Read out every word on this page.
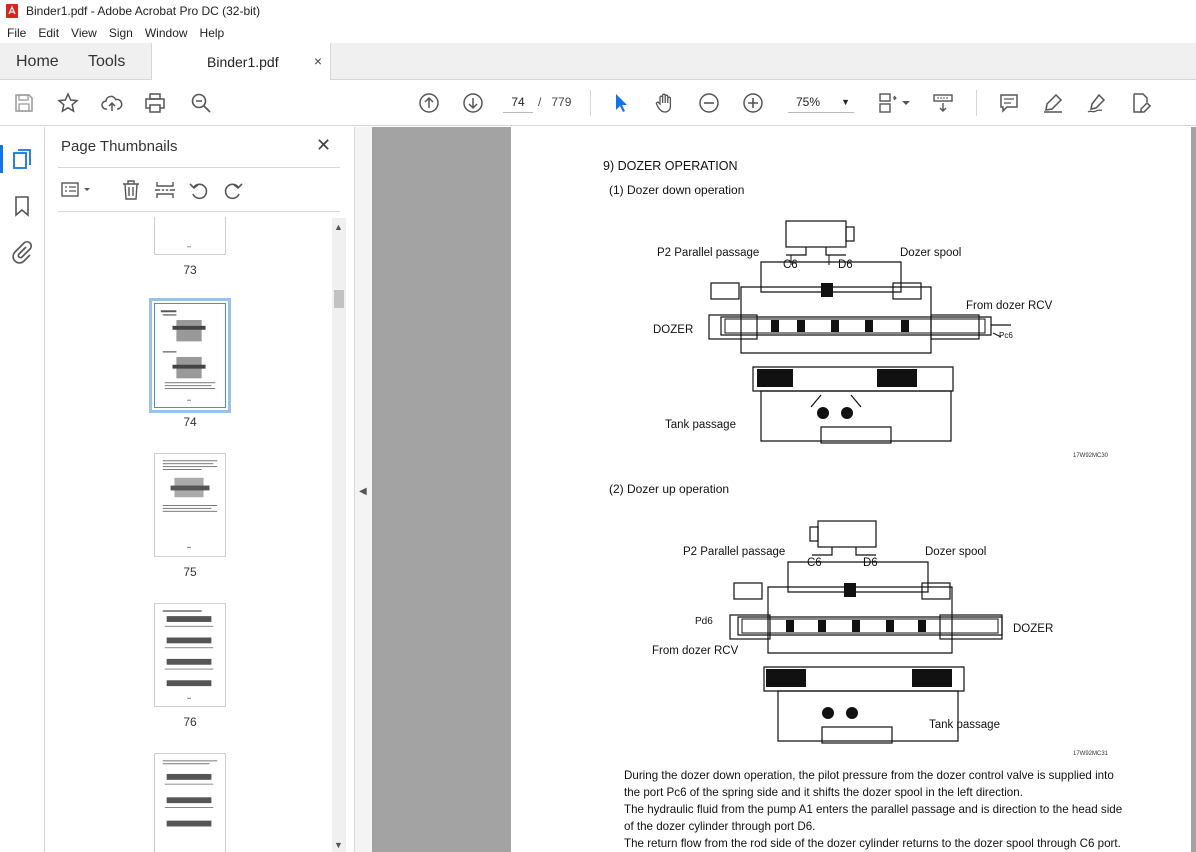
Binder1.pdf - Adobe Acrobat Pro DC (32-bit)
File	Edit	View	Sign	Window	Help
Home Tools	Binder1.pdf	×
74	/ 779	75% ▼
Page Thumbnails	✕
73
74
75
76
▲
▼
◀
9) DOZER OPERATION
(1) Dozer down operation
P2 Parallel passage
C6	D6
Dozer spool
From dozer RCV
DOZER	Pc6
Tank passage
17W92MC30
(2) Dozer up operation
P2 Parallel passage
C6	D6
Dozer spool
Pd6
From dozer RCV
DOZER
Tank passage
17W92MC31

During the dozer down operation, the pilot pressure from the dozer control valve is supplied into

the port Pc6 of the spring side and it shifts the dozer spool in the left direction.

The hydraulic fluid from the pump A1 enters the parallel passage and is direction to the head side

of the dozer cylinder through port D6.

The return flow from the rod side of the dozer cylinder returns to the dozer spool through C6 port.
